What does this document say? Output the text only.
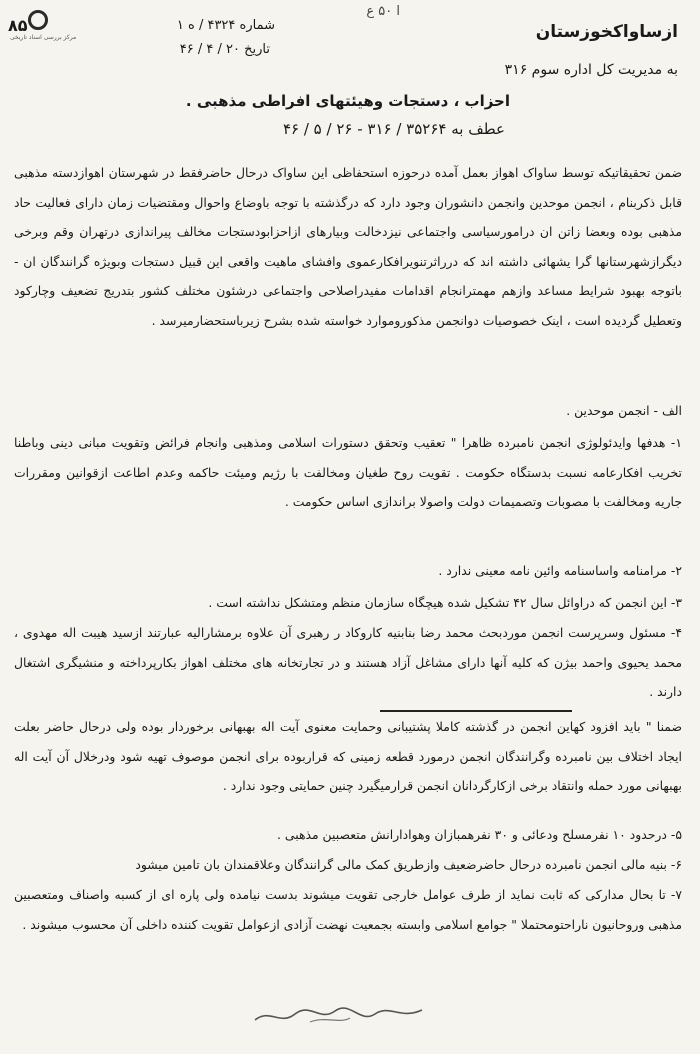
۸۵
مرکز بررسی اسناد تاریخی
ا ۵۰ ع
ازساواکخوزستان
به مدیریت کل اداره سوم ۳۱۶
شماره ۴۳۲۴ / ه ۱
تاریخ ۲۰ / ۴ / ۴۶
احزاب ، دستجات وهیئتهای افراطی مذهبی .
عطف به ۳۵۲۶۴ / ۳۱۶ - ۲۶ / ۵ / ۴۶

ضمن تحقیقاتیکه توسط ساواک اهواز بعمل آمده درحوزه استحفاظی این ساواک درحال حاضرفقط در شهرستان اهوازدسته مذهبی قابل ذکربنام ، انجمن موحدین وانجمن دانشوران وجود دارد که درگذشته با توجه باوضاع واحوال ومقتضیات زمان دارای فعالیت حاد مذهبی بوده وبعضا زاتن ان درامورسیاسی واجتماعی نیزدخالت وبیارهای ازاحزابودستجات مخالف پیراندازی درتهران وقم وبرخی دیگرازشهرستانها گرا یشهائی داشته اند که درراثرتنویرافکارعموی وافشای ماهیت واقعی این قبیل دستجات وبویژه گرانندگان ان - باتوجه بهبود شرایط مساعد وازهم مهمترانجام اقدامات مفیدراصلاحی واجتماعی درشئون مختلف کشور بتدریج تضعیف وچارکود وتعطیل گردیده است ، اینک خصوصیات دوانجمن مذکوروموارد خواسته شده بشرح زیرباستحضارمیرسد .

الف - انجمن موحدین .

۱- هدفها وایدئولوژی انجمن نامبرده ظاهرا " تعقیب وتحقق دستورات اسلامی ومذهبی وانجام فرائض وتقویت مبانی دینی وباطنا تخریب افکارعامه نسبت بدستگاه حکومت . تقویت روح طغیان ومخالفت با رژیم ومیئت حاکمه وعدم اطاعت ازقوانین ومقررات جاریه ومخالفت با مصوبات وتصمیمات دولت واصولا براندازی اساس حکومت .

۲- مرامنامه واساسنامه وائین نامه معینی ندارد .

۳- این انجمن که دراوائل سال ۴۲ تشکیل شده هیچگاه سازمان منظم ومتشکل نداشته است .

۴- مسئول وسرپرست انجمن موردبحث محمد رضا بنابنیه کاروکاد ر رهبری آن علاوه برمشارالیه عبارتند ازسید هیبت اله مهدوی ، محمد یحیوی واحمد بیژن که کلیه آنها دارای مشاغل آزاد هستند و در تجارتخانه های مختلف اهواز بکارپرداخته و منشیگری اشتغال دارند .

ضمنا " باید افزود کهاین انجمن در گذشته کاملا پشتیبانی وحمایت معنوی آیت اله بهبهانی برخوردار بوده ولی درحال حاضر بعلت ایجاد اختلاف بین نامبرده وگرانندگان انجمن درمورد قطعه زمینی که قراربوده برای انجمن موصوف تهیه شود ودرخلال آن آیت اله بهبهانی مورد حمله وانتقاد برخی ازکارگردانان انجمن قرارمیگیرد چنین حمایتی وجود ندارد .

۵- درحدود ۱۰ نفرمسلح ودعائی و ۳۰ نفرهمبازان وهوادارانش متعصبین مذهبی .

۶- بنیه مالی انجمن نامبرده درحال حاضرضعیف وازطریق کمک مالی گرانندگان وعلاقمندان بان تامین میشود

۷- تا بحال مدارکی که ثابت نماید از طرف عوامل خارجی تقویت میشوند بدست نیامده ولی پاره ای از کسبه واصناف ومتعصبین مذهبی وروحانیون ناراحتومحتملا " جوامع اسلامی وابسته بجمعیت نهضت آزادی ازعوامل تقویت کننده داخلی آن محسوب میشوند .
